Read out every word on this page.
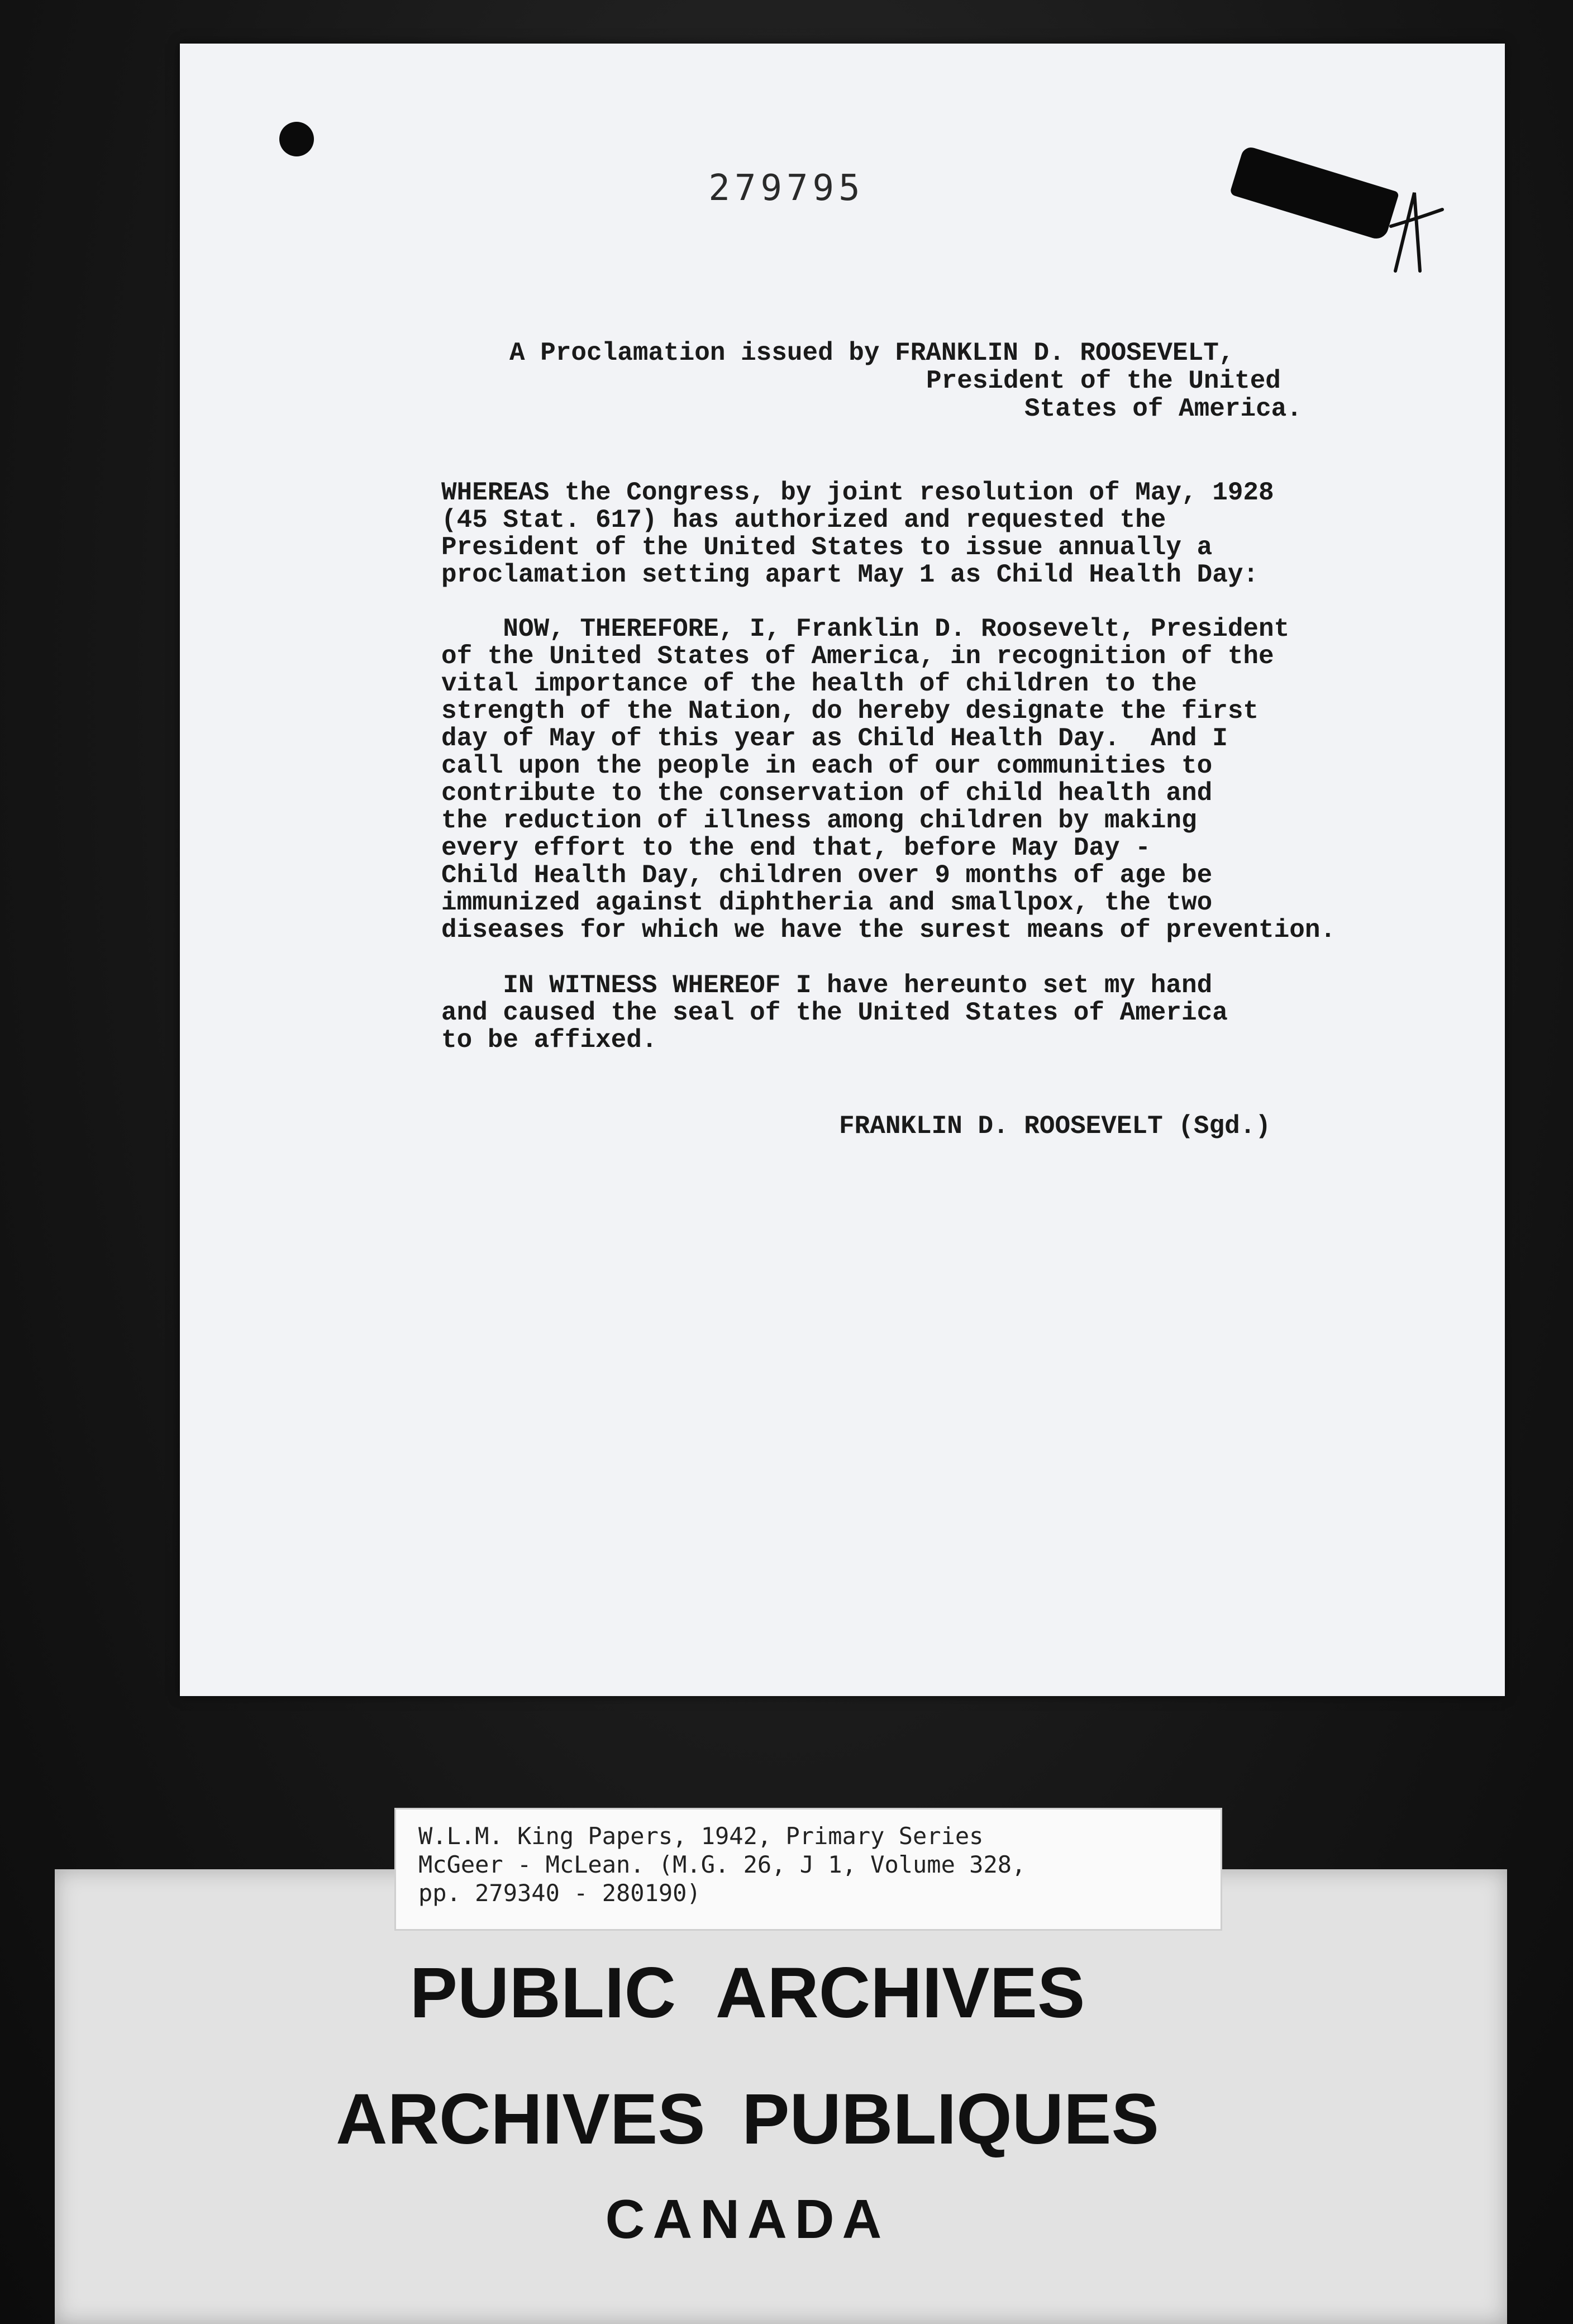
279795
A Proclamation issued by FRANKLIN D. ROOSEVELT,
President of the United
States of America.
WHEREAS the Congress, by joint resolution of May, 1928
(45 Stat. 617) has authorized and requested the
President of the United States to issue annually a
proclamation setting apart May 1 as Child Health Day:
NOW, THEREFORE, I, Franklin D. Roosevelt, President
of the United States of America, in recognition of the
vital importance of the health of children to the
strength of the Nation, do hereby designate the first
day of May of this year as Child Health Day.  And I
call upon the people in each of our communities to
contribute to the conservation of child health and
the reduction of illness among children by making
every effort to the end that, before May Day -
Child Health Day, children over 9 months of age be
immunized against diphtheria and smallpox, the two
diseases for which we have the surest means of prevention.
IN WITNESS WHEREOF I have hereunto set my hand
and caused the seal of the United States of America
to be affixed.
FRANKLIN D. ROOSEVELT (Sgd.)

PUBLIC ARCHIVES

ARCHIVES PUBLIQUES

CANADA

W.L.M. King Papers, 1942, Primary Series
McGeer - McLean. (M.G. 26, J 1, Volume 328,
pp. 279340 - 280190)
